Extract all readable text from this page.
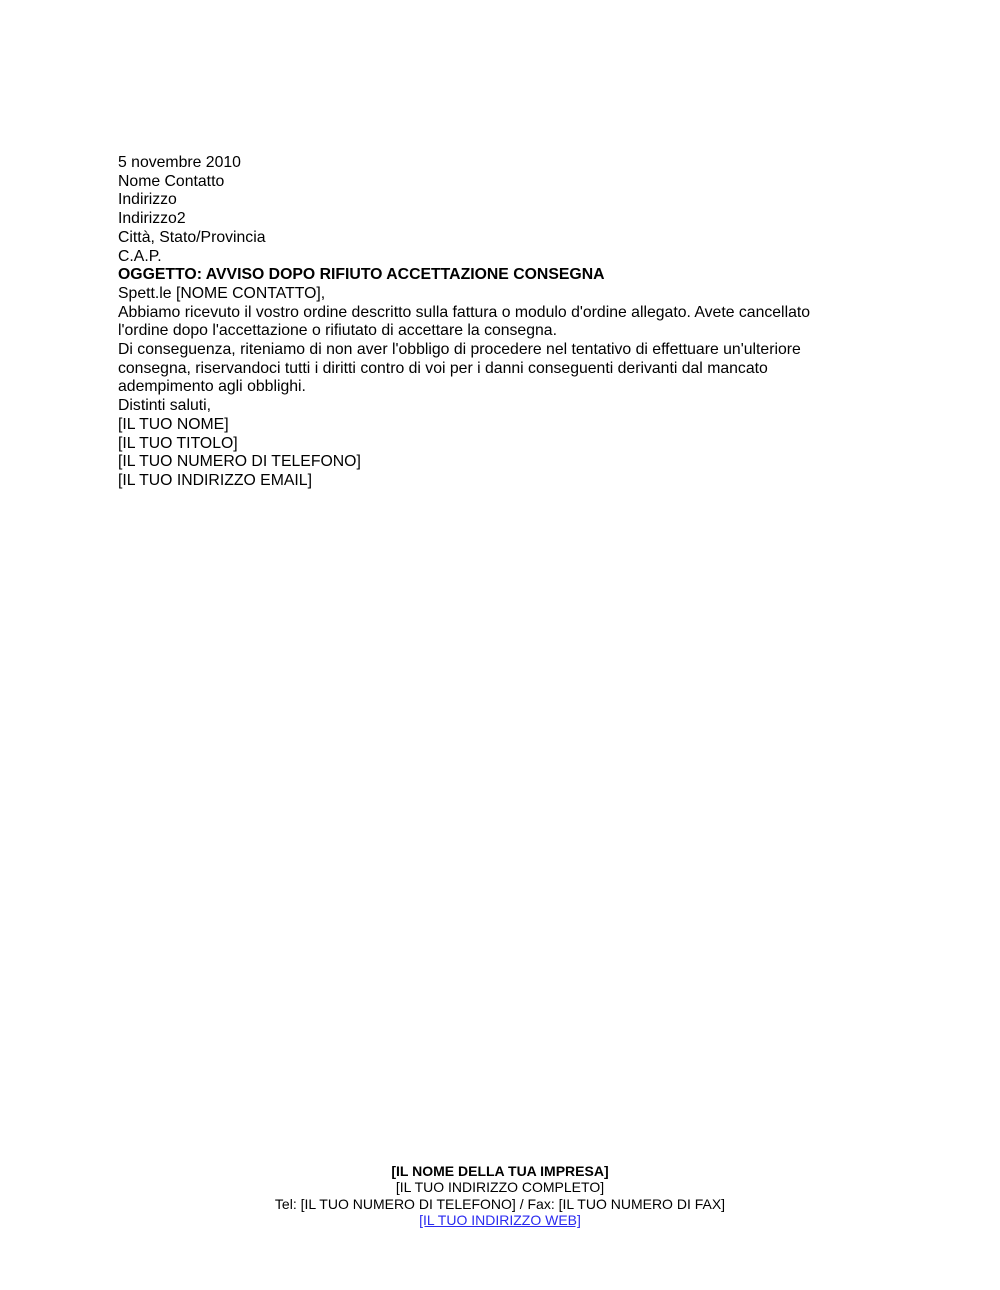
5 novembre 2010
Nome Contatto
Indirizzo
Indirizzo2
Città, Stato/Provincia
C.A.P.
OGGETTO: AVVISO DOPO RIFIUTO ACCETTAZIONE CONSEGNA
Spett.le [NOME CONTATTO],

Abbiamo ricevuto il vostro ordine descritto sulla fattura o modulo d'ordine allegato. Avete cancellato l'ordine dopo l'accettazione o rifiutato di accettare la consegna.

Di conseguenza, riteniamo di non aver l'obbligo di procedere nel tentativo di effettuare un'ulteriore consegna, riservandoci tutti i diritti contro di voi per i danni conseguenti derivanti dal mancato adempimento agli obblighi.

Distinti saluti,
[IL TUO NOME]
[IL TUO TITOLO]
[IL TUO NUMERO DI TELEFONO]
[IL TUO INDIRIZZO EMAIL]
[IL NOME DELLA TUA IMPRESA]
[IL TUO INDIRIZZO COMPLETO]
Tel: [IL TUO NUMERO DI TELEFONO] / Fax: [IL TUO NUMERO DI FAX]
[IL TUO INDIRIZZO WEB]
